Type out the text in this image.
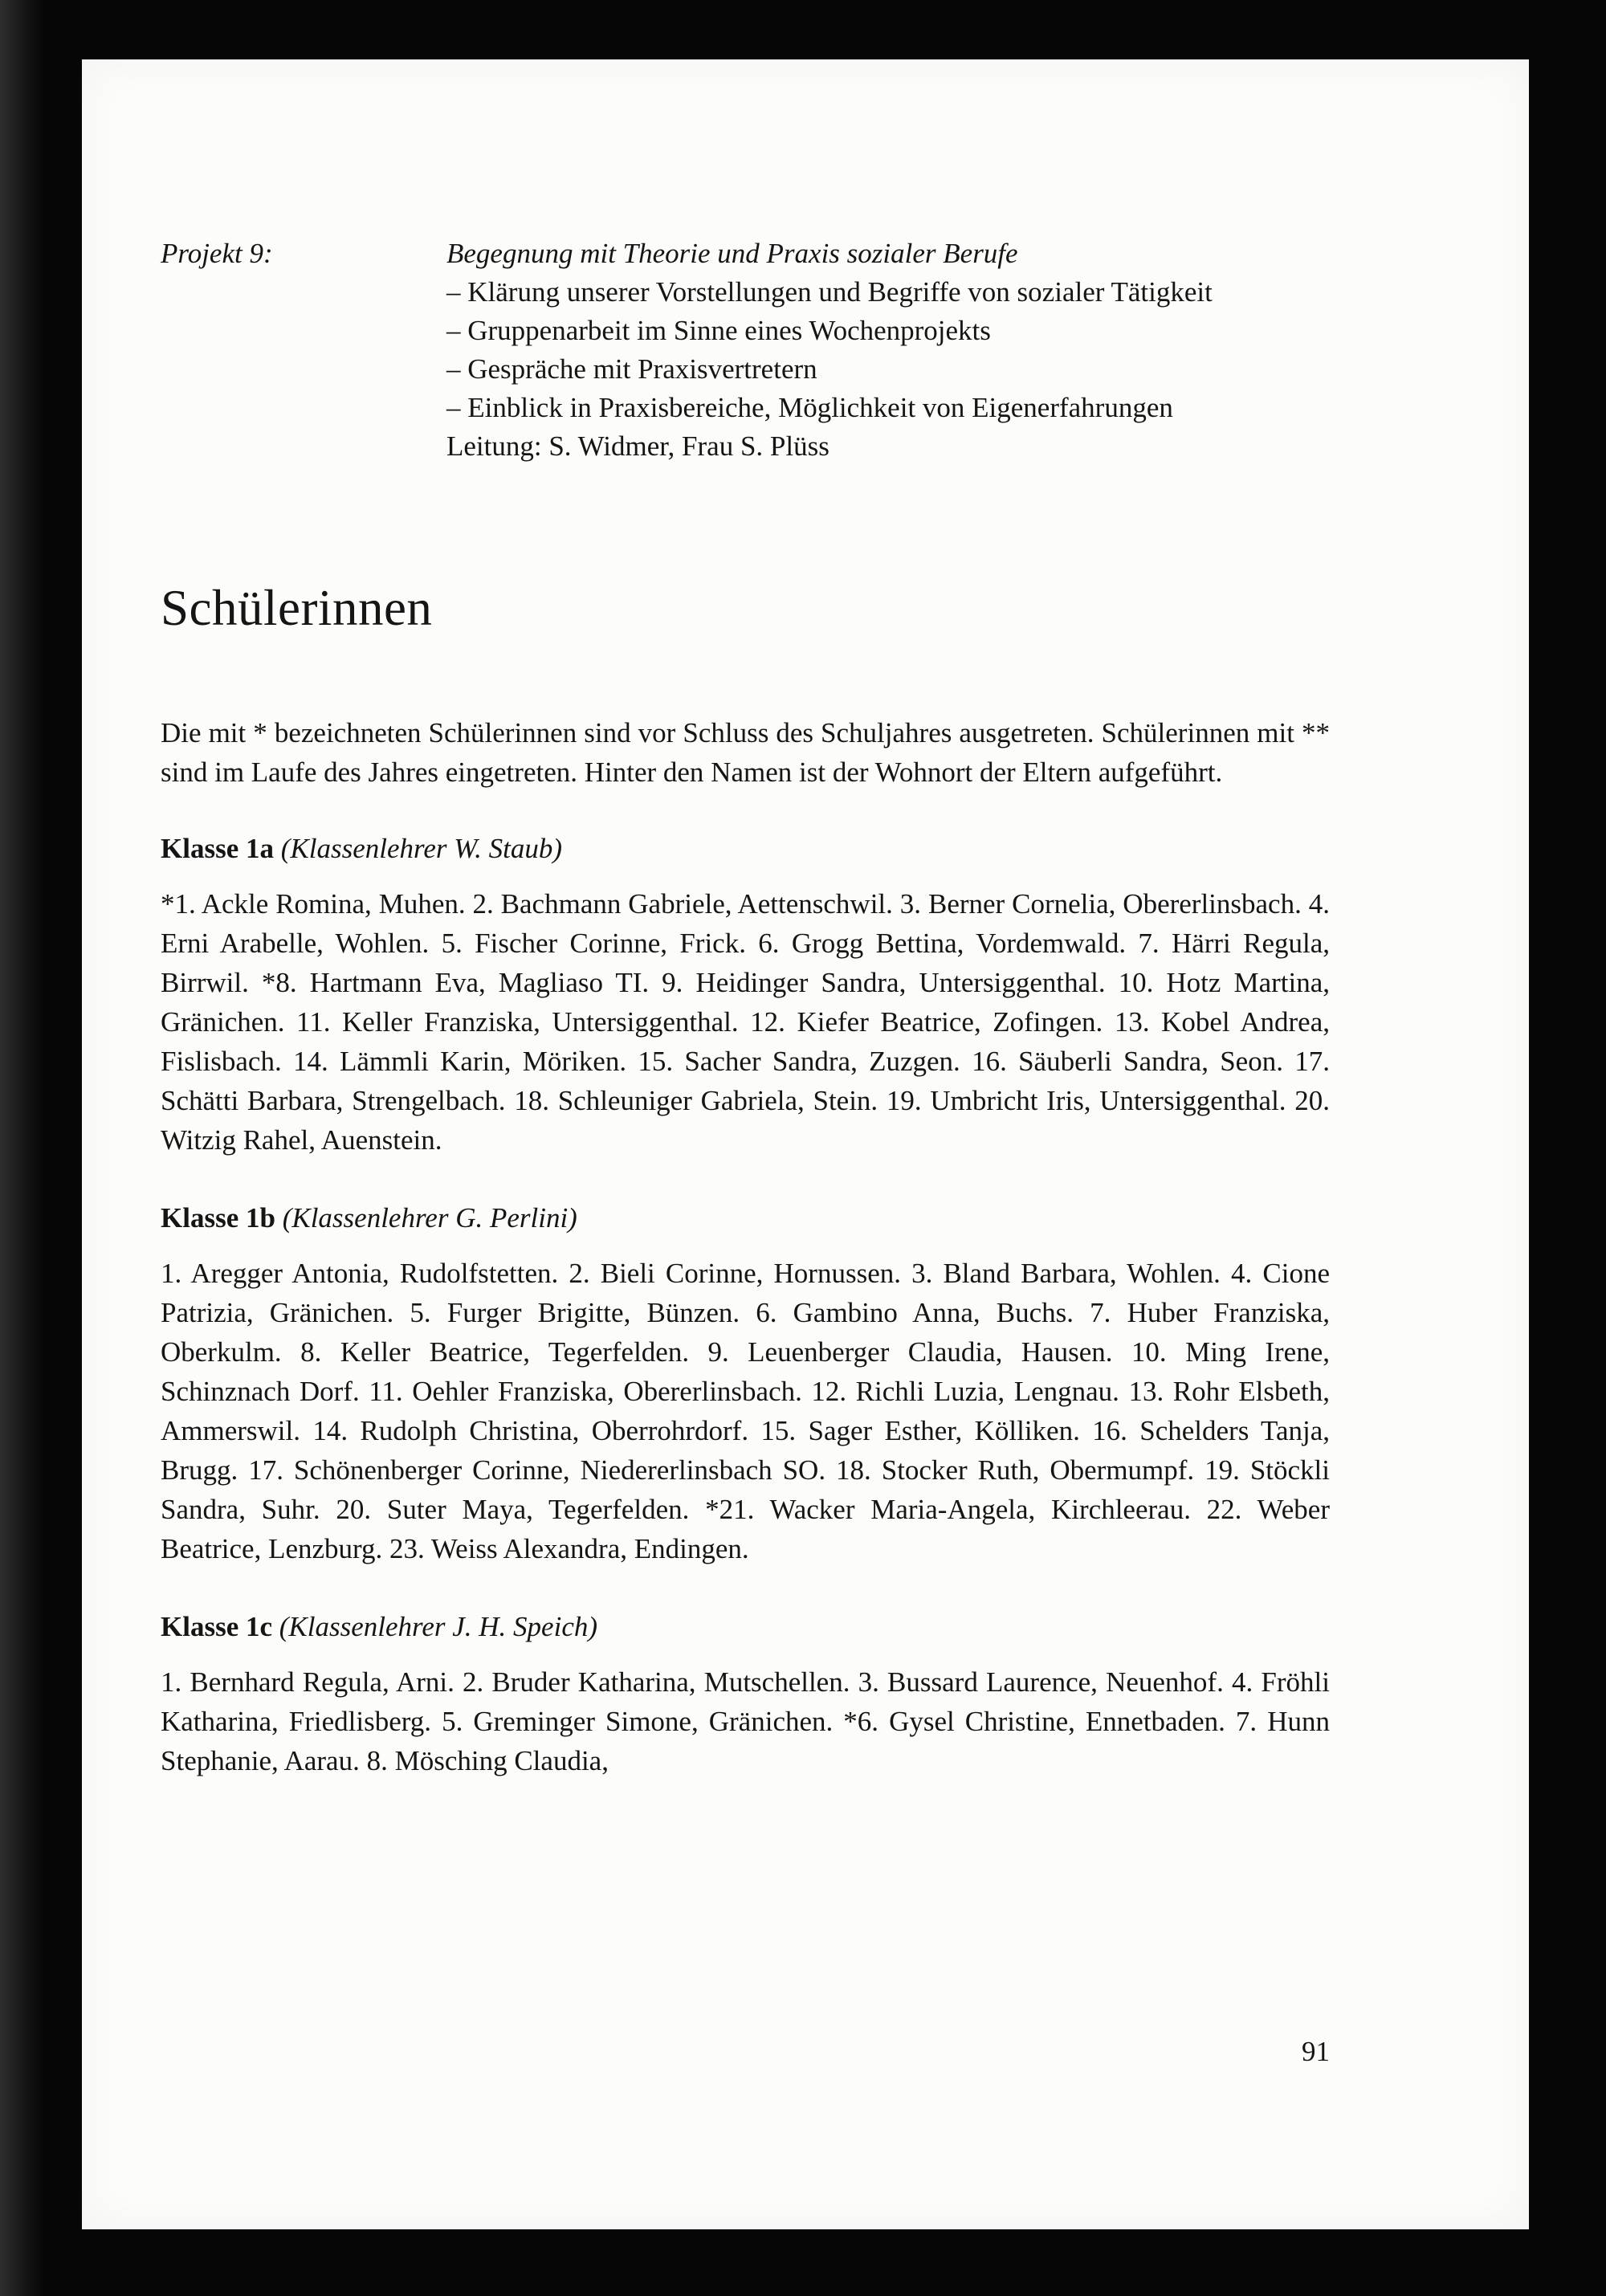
Projekt 9:	Begegnung mit Theorie und Praxis sozialer Berufe
– Klärung unserer Vorstellungen und Begriffe von sozialer Tätigkeit
– Gruppenarbeit im Sinne eines Wochenprojekts
– Gespräche mit Praxisvertretern
– Einblick in Praxisbereiche, Möglichkeit von Eigenerfahrungen
Leitung: S. Widmer, Frau S. Plüss
Schülerinnen

Die mit * bezeichneten Schülerinnen sind vor Schluss des Schuljahres ausgetreten. Schülerinnen mit ** sind im Laufe des Jahres eingetreten. Hinter den Namen ist der Wohnort der Eltern aufgeführt.

Klasse 1a (Klassenlehrer W. Staub)

*1. Ackle Romina, Muhen. 2. Bachmann Gabriele, Aettenschwil. 3. Berner Cornelia, Obererlinsbach. 4. Erni Arabelle, Wohlen. 5. Fischer Corinne, Frick. 6. Grogg Bettina, Vordemwald. 7. Härri Regula, Birrwil. *8. Hartmann Eva, Magliaso TI. 9. Heidinger Sandra, Untersiggenthal. 10. Hotz Martina, Gränichen. 11. Keller Franziska, Untersiggenthal. 12. Kiefer Beatrice, Zofingen. 13. Kobel Andrea, Fislisbach. 14. Lämmli Karin, Möriken. 15. Sacher Sandra, Zuzgen. 16. Säuberli Sandra, Seon. 17. Schätti Barbara, Strengelbach. 18. Schleuniger Gabriela, Stein. 19. Umbricht Iris, Untersiggenthal. 20. Witzig Rahel, Auenstein.

Klasse 1b (Klassenlehrer G. Perlini)

1. Aregger Antonia, Rudolfstetten. 2. Bieli Corinne, Hornussen. 3. Bland Barbara, Wohlen. 4. Cione Patrizia, Gränichen. 5. Furger Brigitte, Bünzen. 6. Gambino Anna, Buchs. 7. Huber Franziska, Oberkulm. 8. Keller Beatrice, Tegerfelden. 9. Leuenberger Claudia, Hausen. 10. Ming Irene, Schinznach Dorf. 11. Oehler Franziska, Obererlinsbach. 12. Richli Luzia, Lengnau. 13. Rohr Elsbeth, Ammerswil. 14. Rudolph Christina, Oberrohrdorf. 15. Sager Esther, Kölliken. 16. Schelders Tanja, Brugg. 17. Schönenberger Corinne, Niedererlinsbach SO. 18. Stocker Ruth, Obermumpf. 19. Stöckli Sandra, Suhr. 20. Suter Maya, Tegerfelden. *21. Wacker Maria-Angela, Kirchleerau. 22. Weber Beatrice, Lenzburg. 23. Weiss Alexandra, Endingen.

Klasse 1c (Klassenlehrer J. H. Speich)

1. Bernhard Regula, Arni. 2. Bruder Katharina, Mutschellen. 3. Bussard Laurence, Neuenhof. 4. Fröhli Katharina, Friedlisberg. 5. Greminger Simone, Gränichen. *6. Gysel Christine, Ennetbaden. 7. Hunn Stephanie, Aarau. 8. Mösching Claudia,

91
